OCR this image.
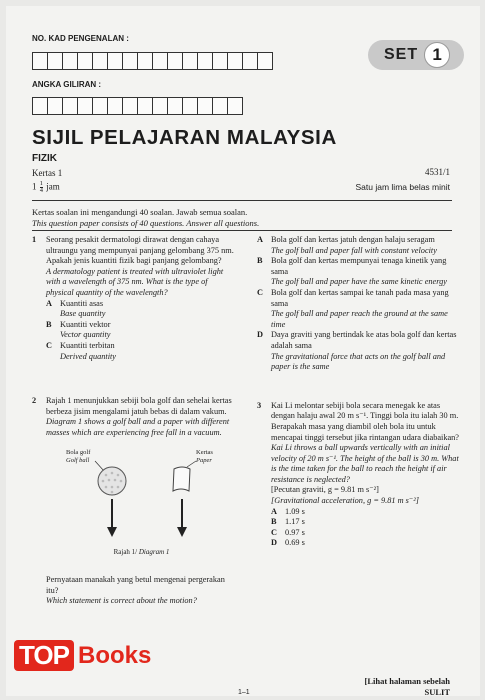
NO. KAD PENGENALAN :
ANGKA GILIRAN :
SET 1
SIJIL PELAJARAN MALAYSIA
FIZIK
Kertas 1
$1 \frac{1}{4}$ jam
4531/1
Satu jam lima belas minit
Kertas soalan ini mengandungi 40 soalan. Jawab semua soalan.
This question paper consists of 40 questions. Answer all questions.
1 Seorang pesakit dermatologi dirawat dengan cahaya ultraungu yang mempunyai panjang gelombang 375 nm. Apakah jenis kuantiti fizik bagi panjang gelombang?
A dermatology patient is treated with ultraviolet light with a wavelength of 375 nm. What is the type of physical quantity of the wavelength?
A Kuantiti asas
Base quantity
B Kuantiti vektor
Vector quantity
C Kuantiti terbitan
Derived quantity
2 Rajah 1 menunjukkan sebiji bola golf dan sehelai kertas berbeza jisim mengalami jatuh bebas di dalam vakum.
Diagram 1 shows a golf ball and a paper with different masses which are experiencing free fall in a vacuum.
Bola golf
Golf ball
Kertas
Paper
Rajah 1/ Diagram 1
Pernyataan manakah yang betul mengenai pergerakan itu?
Which statement is correct about the motion?
A Bola golf dan kertas jatuh dengan halaju seragam
The golf ball and paper fall with constant velocity
B Bola golf dan kertas mempunyai tenaga kinetik yang sama
The golf ball and paper have the same kinetic energy
C Bola golf dan kertas sampai ke tanah pada masa yang sama
The golf ball and paper reach the ground at the same time
D Daya graviti yang bertindak ke atas bola golf dan kertas adalah sama
The gravitational force that acts on the golf ball and paper is the same
3 Kai Li melontar sebiji bola secara menegak ke atas dengan halaju awal 20 m s⁻¹. Tinggi bola itu ialah 30 m. Berapakah masa yang diambil oleh bola itu untuk mencapai tinggi tersebut jika rintangan udara diabaikan?
Kai Li throws a ball upwards vertically with an initial velocity of 20 m s⁻¹. The height of the ball is 30 m. What is the time taken for the ball to reach the height if air resistance is neglected?
[Pecutan graviti, g = 9.81 m s⁻²]
[Gravitational acceleration, g = 9.81 m s⁻²]
A 1.09 s
B 1.17 s
C 0.97 s
D 0.69 s
[Lihat halaman sebelah
SULIT
1–1
TOP Books
